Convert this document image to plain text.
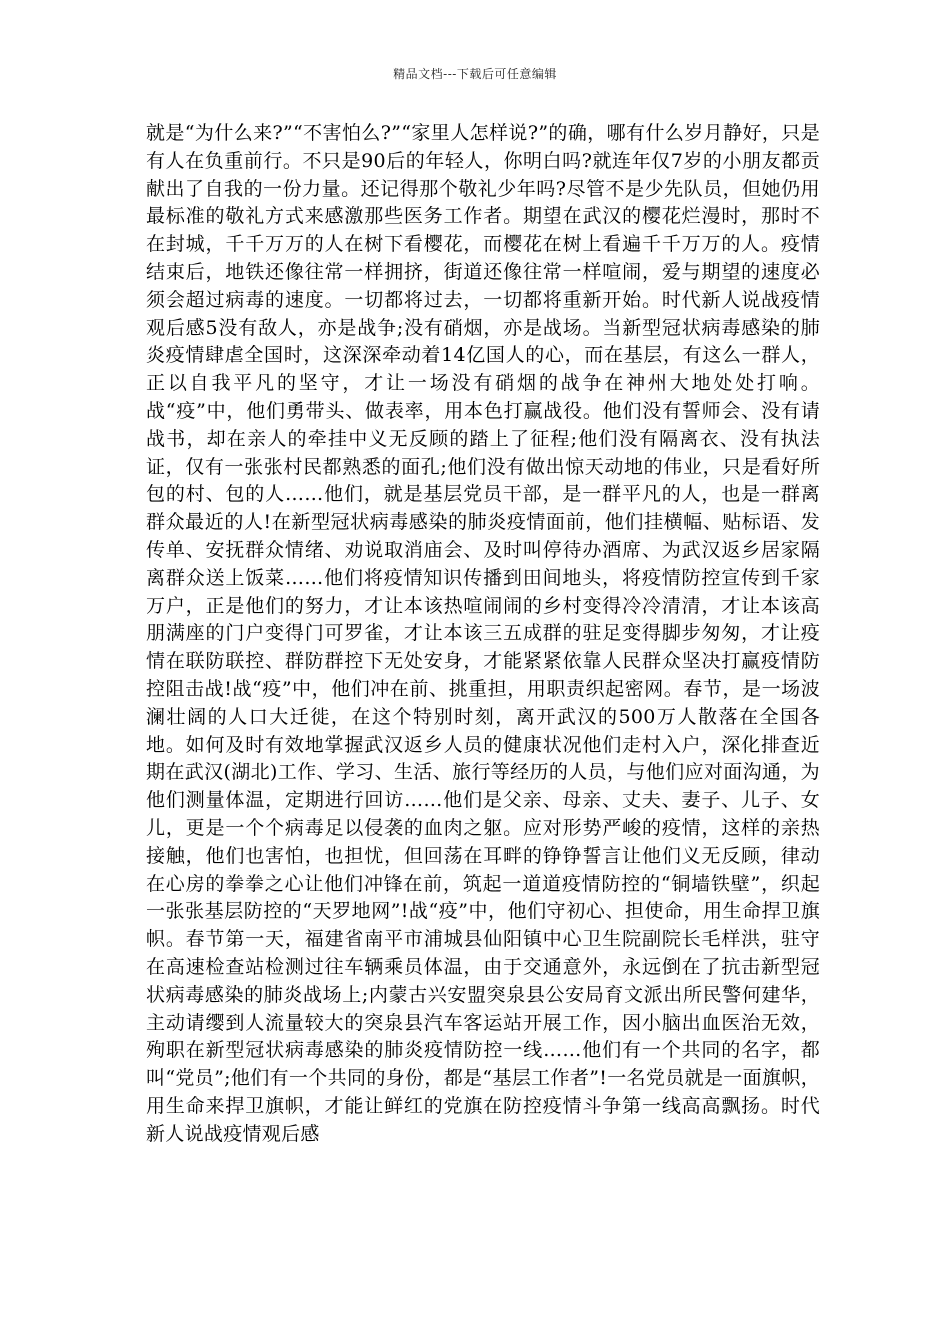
精品文档---下载后可任意编辑

就是“为什么来?”“不害怕么?”“家里人怎样说?”的确，哪有什么岁月静好，只是有人在负重前行。不只是90后的年轻人，你明白吗?就连年仅7岁的小朋友都贡献出了自我的一份力量。还记得那个敬礼少年吗?尽管不是少先队员，但她仍用最标准的敬礼方式来感激那些医务工作者。期望在武汉的樱花烂漫时，那时不在封城，千千万万的人在树下看樱花，而樱花在树上看遍千千万万的人。疫情结束后，地铁还像往常一样拥挤，街道还像往常一样喧闹，爱与期望的速度必须会超过病毒的速度。一切都将过去，一切都将重新开始。时代新人说战疫情观后感5没有敌人，亦是战争;没有硝烟，亦是战场。当新型冠状病毒感染的肺炎疫情肆虐全国时，这深深牵动着14亿国人的心，而在基层，有这么一群人，正以自我平凡的坚守，才让一场没有硝烟的战争在神州大地处处打响。战“疫”中，他们勇带头、做表率，用本色打赢战役。他们没有誓师会、没有请战书，却在亲人的牵挂中义无反顾的踏上了征程;他们没有隔离衣、没有执法证，仅有一张张村民都熟悉的面孔;他们没有做出惊天动地的伟业，只是看好所包的村、包的人……他们，就是基层党员干部，是一群平凡的人，也是一群离群众最近的人!在新型冠状病毒感染的肺炎疫情面前，他们挂横幅、贴标语、发传单、安抚群众情绪、劝说取消庙会、及时叫停待办酒席、为武汉返乡居家隔离群众送上饭菜……他们将疫情知识传播到田间地头，将疫情防控宣传到千家万户，正是他们的努力，才让本该热喧闹闹的乡村变得冷冷清清，才让本该高朋满座的门户变得门可罗雀，才让本该三五成群的驻足变得脚步匆匆，才让疫情在联防联控、群防群控下无处安身，才能紧紧依靠人民群众坚决打赢疫情防控阻击战!战“疫”中，他们冲在前、挑重担，用职责织起密网。春节，是一场波澜壮阔的人口大迁徙，在这个特别时刻，离开武汉的500万人散落在全国各地。如何及时有效地掌握武汉返乡人员的健康状况他们走村入户，深化排查近期在武汉(湖北)工作、学习、生活、旅行等经历的人员，与他们应对面沟通，为他们测量体温，定期进行回访……他们是父亲、母亲、丈夫、妻子、儿子、女儿，更是一个个病毒足以侵袭的血肉之躯。应对形势严峻的疫情，这样的亲热接触，他们也害怕，也担忧，但回荡在耳畔的铮铮誓言让他们义无反顾，律动在心房的拳拳之心让他们冲锋在前，筑起一道道疫情防控的“铜墙铁壁”，织起一张张基层防控的“天罗地网”!战“疫”中，他们守初心、担使命，用生命捍卫旗帜。春节第一天，福建省南平市浦城县仙阳镇中心卫生院副院长毛样洪，驻守在高速检查站检测过往车辆乘员体温，由于交通意外，永远倒在了抗击新型冠状病毒感染的肺炎战场上;内蒙古兴安盟突泉县公安局育文派出所民警何建华，主动请缨到人流量较大的突泉县汽车客运站开展工作，因小脑出血医治无效，殉职在新型冠状病毒感染的肺炎疫情防控一线……他们有一个共同的名字，都叫“党员”;他们有一个共同的身份，都是“基层工作者”!一名党员就是一面旗帜，用生命来捍卫旗帜，才能让鲜红的党旗在防控疫情斗争第一线高高飘扬。时代新人说战疫情观后感
